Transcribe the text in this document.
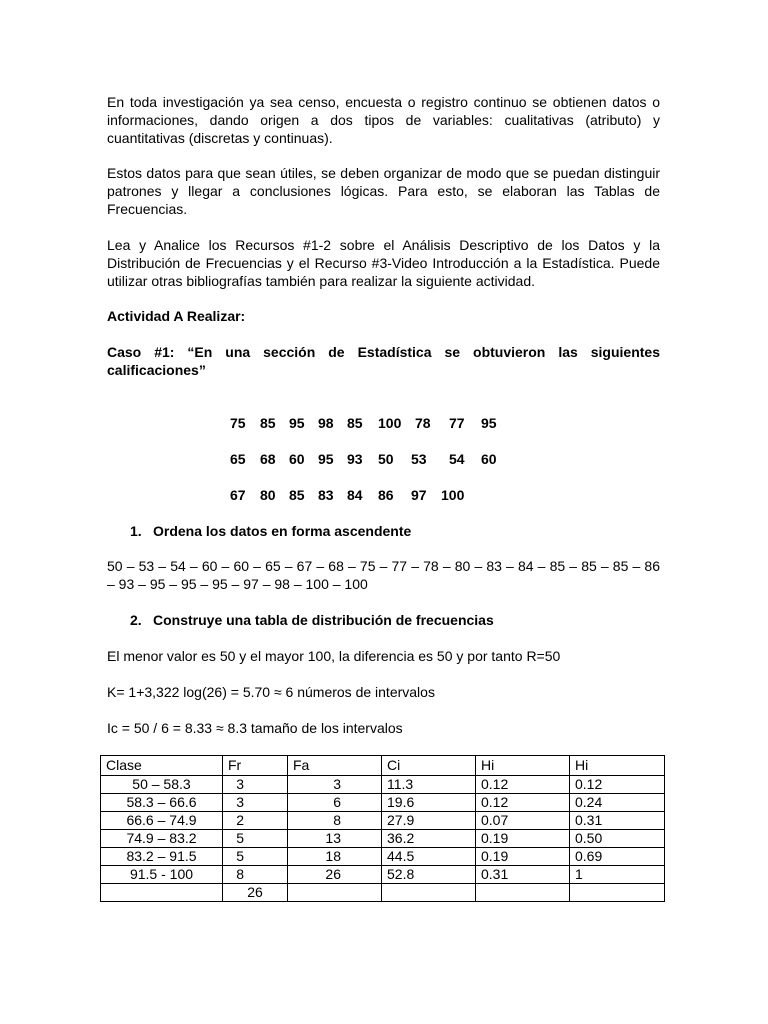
En toda investigación ya sea censo, encuesta o registro continuo se obtienen datos o informaciones, dando origen a dos tipos de variables: cualitativas (atributo) y cuantitativas (discretas y continuas).

Estos datos para que sean útiles, se deben organizar de modo que se puedan distinguir patrones y llegar a conclusiones lógicas. Para esto, se elaboran las Tablas de Frecuencias.

Lea y Analice los Recursos #1-2 sobre el Análisis Descriptivo de los Datos y la Distribución de Frecuencias y el Recurso #3-Video Introducción a la Estadística. Puede utilizar otras bibliografías también para realizar la siguiente actividad.

Actividad A Realizar:

Caso #1: “En una sección de Estadística se obtuvieron las siguientes calificaciones”

75 85 95 98 85 100 78 77 95
65 68 60 95 93 50 53 54 60
67 80 85 83 84 86 97 100
1. Ordena los datos en forma ascendente

50 – 53 – 54 – 60 – 60 – 65 – 67 – 68 – 75 – 77 – 78 – 80 – 83 – 84 – 85 – 85 – 85 – 86 – 93 – 95 – 95 – 95 – 97 – 98 – 100 – 100

2. Construye una tabla de distribución de frecuencias

El menor valor es 50 y el mayor 100, la diferencia es 50 y por tanto R=50

K= 1+3,322 log(26) = 5.70 ≈ 6 números de intervalos

Ic = 50 / 6 = 8.33 ≈ 8.3 tamaño de los intervalos

Clase	Fr	Fa	Ci	Hi	Hi
50 – 58.3	3	3	11.3	0.12	0.12
58.3 – 66.6	3	6	19.6	0.12	0.24
66.6 – 74.9	2	8	27.9	0.07	0.31
74.9 – 83.2	5	13	36.2	0.19	0.50
83.2 – 91.5	5	18	44.5	0.19	0.69
91.5 - 100	8	26	52.8	0.31	1
	26				
